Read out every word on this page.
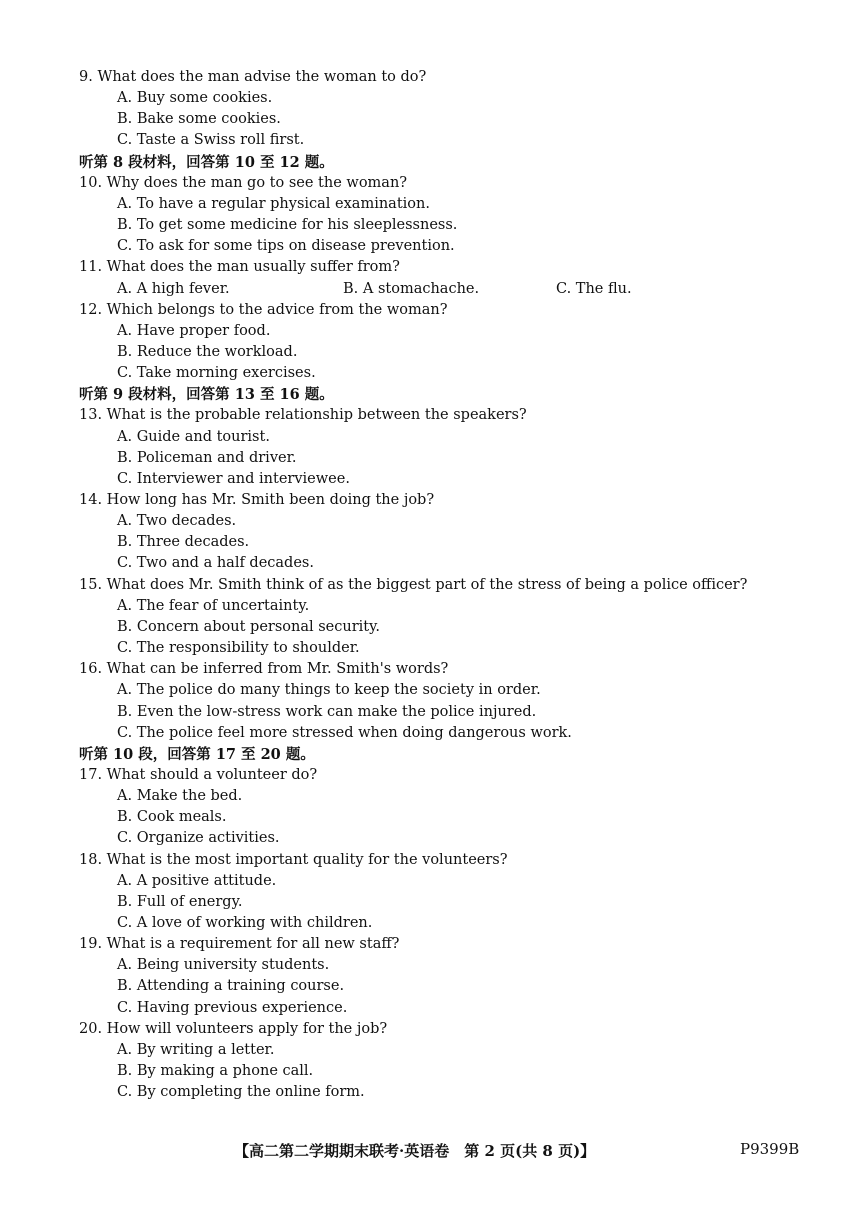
9. What does the man advise the woman to do?
A. Buy some cookies.
B. Bake some cookies.
C. Taste a Swiss roll first.
听第 8 段材料，回答第 10 至 12 题。
10. Why does the man go to see the woman?
A. To have a regular physical examination.
B. To get some medicine for his sleeplessness.
C. To ask for some tips on disease prevention.
11. What does the man usually suffer from?
A. A high fever.	B. A stomachache.	C. The flu.
12. Which belongs to the advice from the woman?
A. Have proper food.
B. Reduce the workload.
C. Take morning exercises.
听第 9 段材料，回答第 13 至 16 题。
13. What is the probable relationship between the speakers?
A. Guide and tourist.
B. Policeman and driver.
C. Interviewer and interviewee.
14. How long has Mr. Smith been doing the job?
A. Two decades.
B. Three decades.
C. Two and a half decades.
15. What does Mr. Smith think of as the biggest part of the stress of being a police officer?
A. The fear of uncertainty.
B. Concern about personal security.
C. The responsibility to shoulder.
16. What can be inferred from Mr. Smith's words?
A. The police do many things to keep the society in order.
B. Even the low-stress work can make the police injured.
C. The police feel more stressed when doing dangerous work.
听第 10 段，回答第 17 至 20 题。
17. What should a volunteer do?
A. Make the bed.
B. Cook meals.
C. Organize activities.
18. What is the most important quality for the volunteers?
A. A positive attitude.
B. Full of energy.
C. A love of working with children.
19. What is a requirement for all new staff?
A. Being university students.
B. Attending a training course.
C. Having previous experience.
20. How will volunteers apply for the job?
A. By writing a letter.
B. By making a phone call.
C. By completing the online form.
【高二第二学期期末联考·英语卷　第 2 页(共 8 页)】	P9399B
